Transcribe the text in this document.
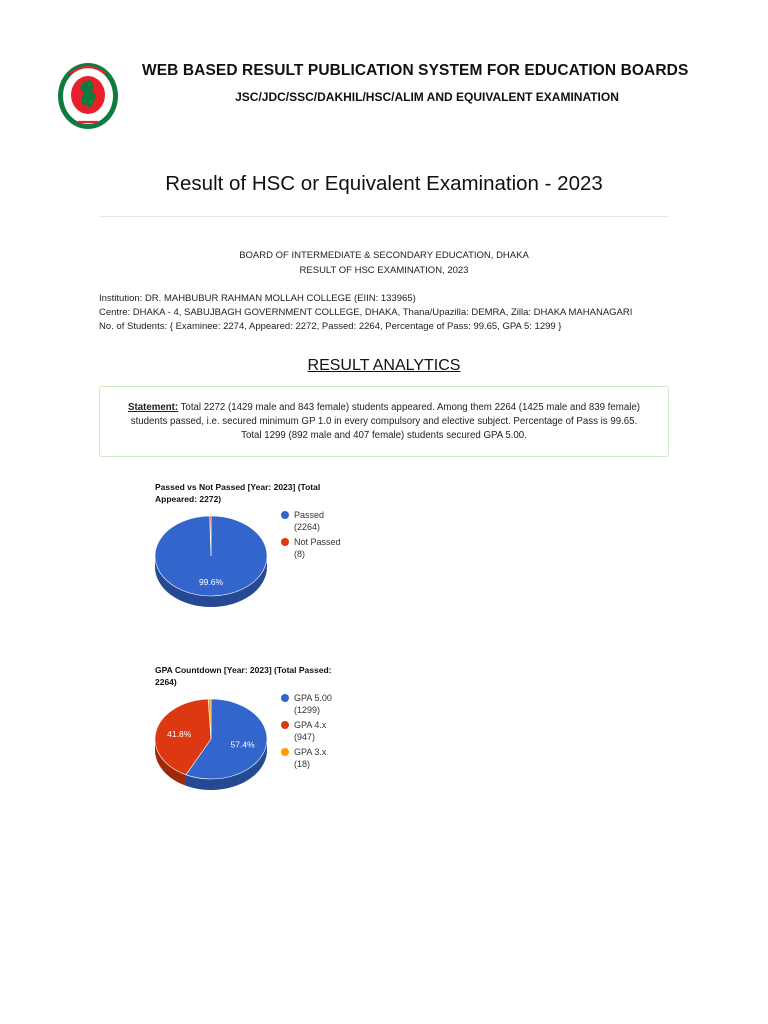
WEB BASED RESULT PUBLICATION SYSTEM FOR EDUCATION BOARDS
JSC/JDC/SSC/DAKHIL/HSC/ALIM AND EQUIVALENT EXAMINATION
Result of HSC or Equivalent Examination - 2023
BOARD OF INTERMEDIATE & SECONDARY EDUCATION, DHAKA
RESULT OF HSC EXAMINATION, 2023
Institution: DR. MAHBUBUR RAHMAN MOLLAH COLLEGE (EIIN: 133965)
Centre: DHAKA - 4, SABUJBAGH GOVERNMENT COLLEGE, DHAKA, Thana/Upazilla: DEMRA, Zilla: DHAKA MAHANAGARI
No. of Students: { Examinee: 2274, Appeared: 2272, Passed: 2264, Percentage of Pass: 99.65, GPA 5: 1299 }
RESULT ANALYTICS
Statement: Total 2272 (1429 male and 843 female) students appeared. Among them 2264 (1425 male and 839 female) students passed, i.e. secured minimum GP 1.0 in every compulsory and elective subject. Percentage of Pass is 99.65. Total 1299 (892 male and 407 female) students secured GPA 5.00.
Passed vs Not Passed [Year: 2023] (Total Appeared: 2272)
99.6%
Passed (2264)
Not Passed (8)
GPA Countdown [Year: 2023] (Total Passed: 2264)
57.4%
41.8%
GPA 5.00 (1299)
GPA 4.x (947)
GPA 3.x (18)
